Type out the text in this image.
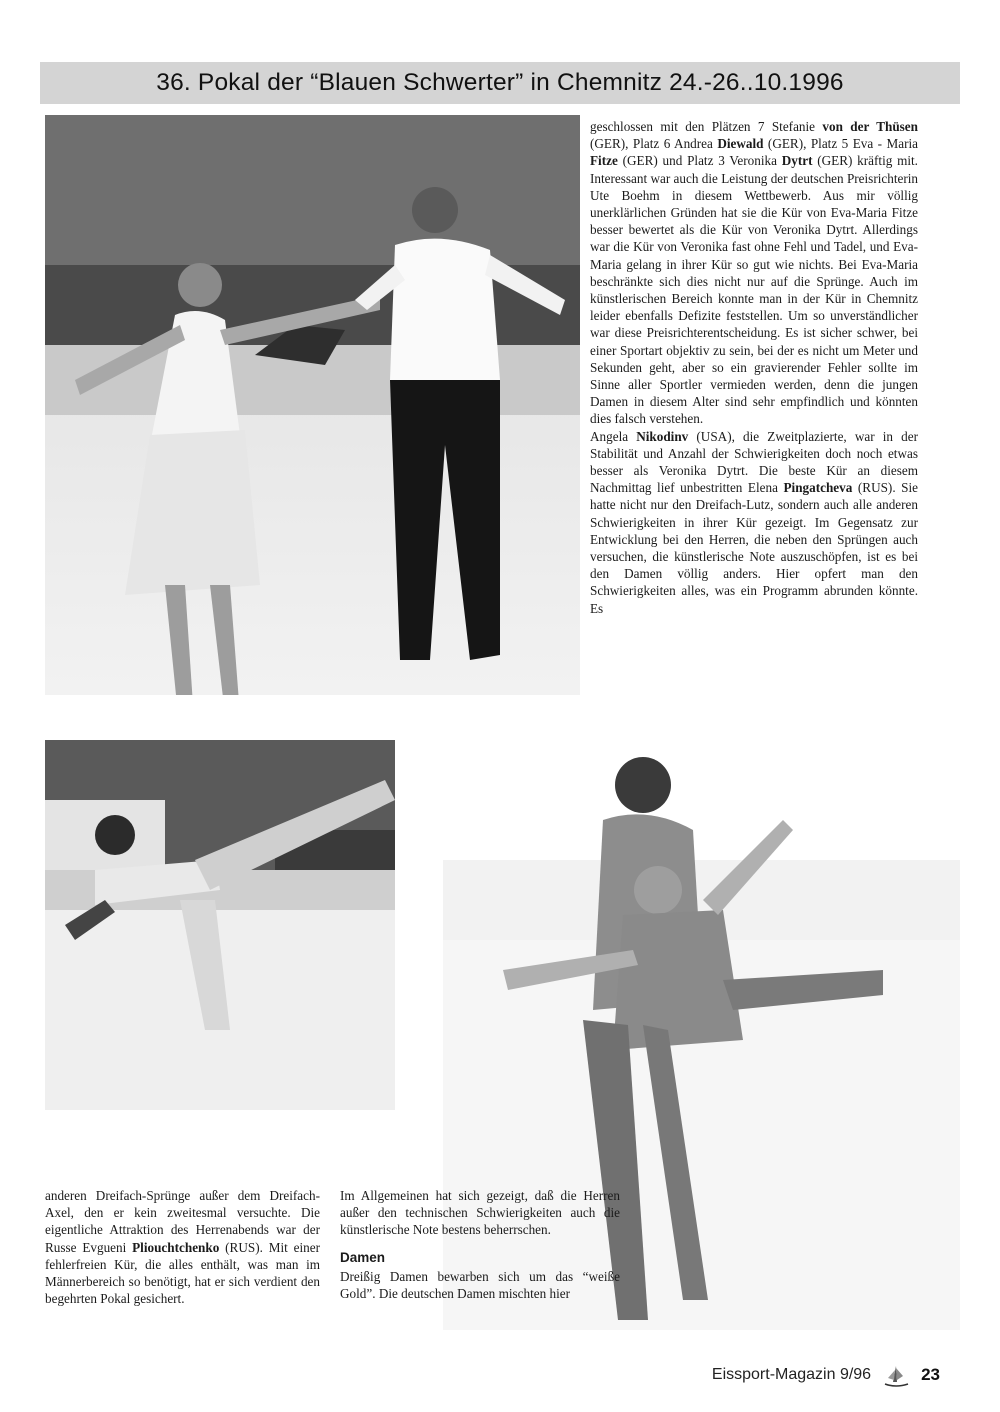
36. Pokal der “Blauen Schwerter” in Chemnitz 24.-26..10.1996

geschlossen mit den Plätzen 7 Stefanie von der Thüsen (GER), Platz 6 Andrea Diewald (GER), Platz 5 Eva - Maria Fitze (GER) und Platz 3 Veronika Dytrt (GER) kräftig mit. Interessant war auch die Leistung der deutschen Preisrichterin Ute Boehm in diesem Wettbewerb. Aus mir völlig unerklärlichen Gründen hat sie die Kür von Eva-Maria Fitze besser bewertet als die Kür von Veronika Dytrt. Allerdings war die Kür von Veronika fast ohne Fehl und Tadel, und Eva-Maria gelang in ihrer Kür so gut wie nichts. Bei Eva-Maria beschränkte sich dies nicht nur auf die Sprünge. Auch im künstlerischen Bereich konnte man in der Kür in Chemnitz leider ebenfalls Defizite feststellen. Um so unverständlicher war diese Preisrichterentscheidung. Es ist sicher schwer, bei einer Sportart objektiv zu sein, bei der es nicht um Meter und Sekunden geht, aber so ein gravierender Fehler sollte im Sinne aller Sportler vermieden werden, denn die jungen Damen in diesem Alter sind sehr empfindlich und könnten dies falsch verstehen.

Angela Nikodinv (USA), die Zweitplazierte, war in der Stabilität und Anzahl der Schwierigkeiten doch noch etwas besser als Veronika Dytrt. Die beste Kür an diesem Nachmittag lief unbestritten Elena Pingatcheva (RUS). Sie hatte nicht nur den Dreifach-Lutz, sondern auch alle anderen Schwierigkeiten in ihrer Kür gezeigt. Im Gegensatz zur Entwicklung bei den Herren, die neben den Sprüngen auch versuchen, die künstlerische Note auszuschöpfen, ist es bei den Damen völlig anders. Hier opfert man den Schwierigkeiten alles, was ein Programm abrunden könnte. Es

anderen Dreifach-Sprünge außer dem Dreifach-Axel, den er kein zweitesmal versuchte. Die eigentliche Attraktion des Herrenabends war der Russe Evgueni Pliouchtchenko (RUS). Mit einer fehlerfreien Kür, die alles enthält, was man im Männerbereich so benötigt, hat er sich verdient den begehrten Pokal gesichert.

Im Allgemeinen hat sich gezeigt, daß die Herren außer den technischen Schwierigkeiten auch die künstlerische Note bestens beherrschen.

Damen

Dreißig Damen bewarben sich um das “weiße Gold”. Die deutschen Damen mischten hier

Eissport-Magazin 9/96	23
